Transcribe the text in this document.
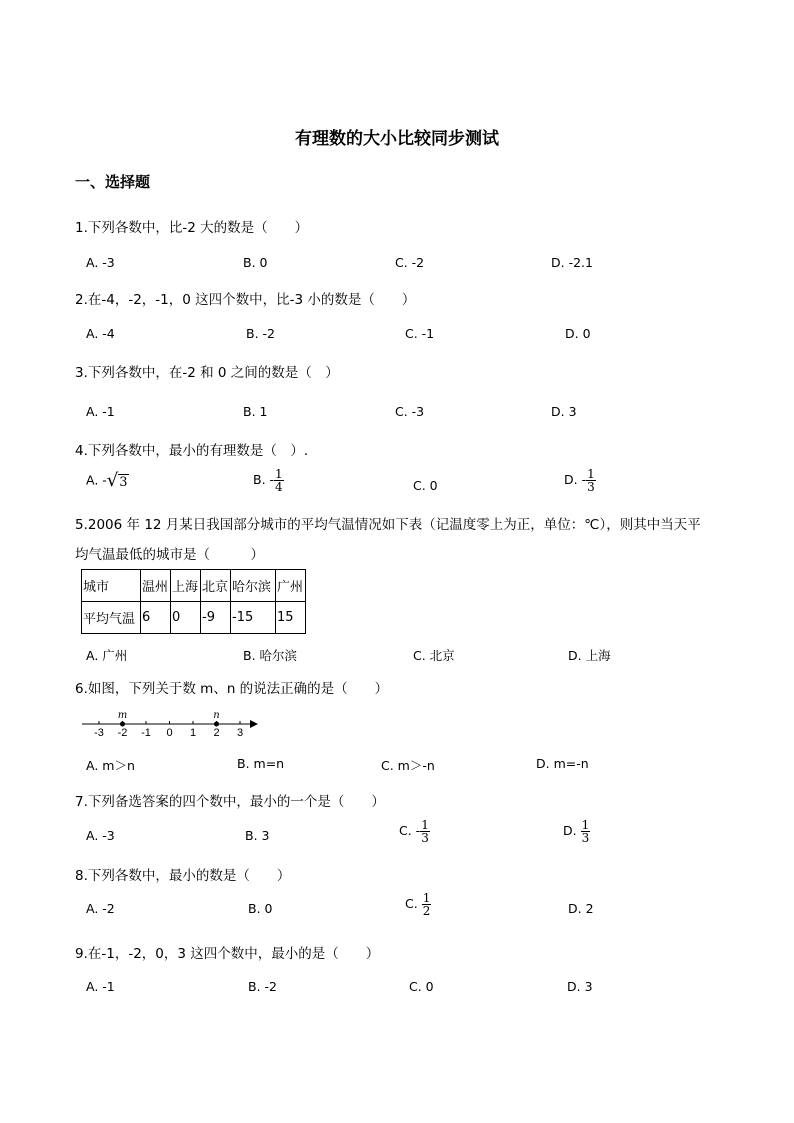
有理数的大小比较同步测试
一、选择题
1.下列各数中，比-2 大的数是（　　）
A. -3	B. 0	C. -2	D. -2.1
2.在-4，-2，-1，0 这四个数中，比-3 小的数是（　　）
A. -4	B. -2	C. -1	D. 0
3.下列各数中，在-2 和 0 之间的数是（　）
A. -1	B. 1	C. -3	D. 3
4.下列各数中，最小的有理数是（　）.
A. - √ 3	B. - $\frac{1}{4}$	C. 0	D. - $\frac{1}{3}$
5.2006 年 12 月某日我国部分城市的平均气温情况如下表（记温度零上为正，单位：℃），则其中当天平
均气温最低的城市是（　　　）
城市	温州	上海	北京	哈尔滨	广州
平均气温	6	0	-9	-15	15
A. 广州	B. 哈尔滨	C. 北京	D. 上海
6.如图，下列关于数 m、n 的说法正确的是（　　）
-3 -2 -1 0 1 2 3
m	n
A. m＞n	B. m=n	C. m＞-n	D. m=-n
7.下列备选答案的四个数中，最小的一个是（　　）
A. -3	B. 3	C. - $\frac{1}{3}$	D. $\frac{1}{3}$
8.下列各数中，最小的数是（　　）
A. -2	B. 0	C. $\frac{1}{2}$	D. 2
9.在-1，-2，0，3 这四个数中，最小的是（　　）
A. -1	B. -2	C. 0	D. 3
